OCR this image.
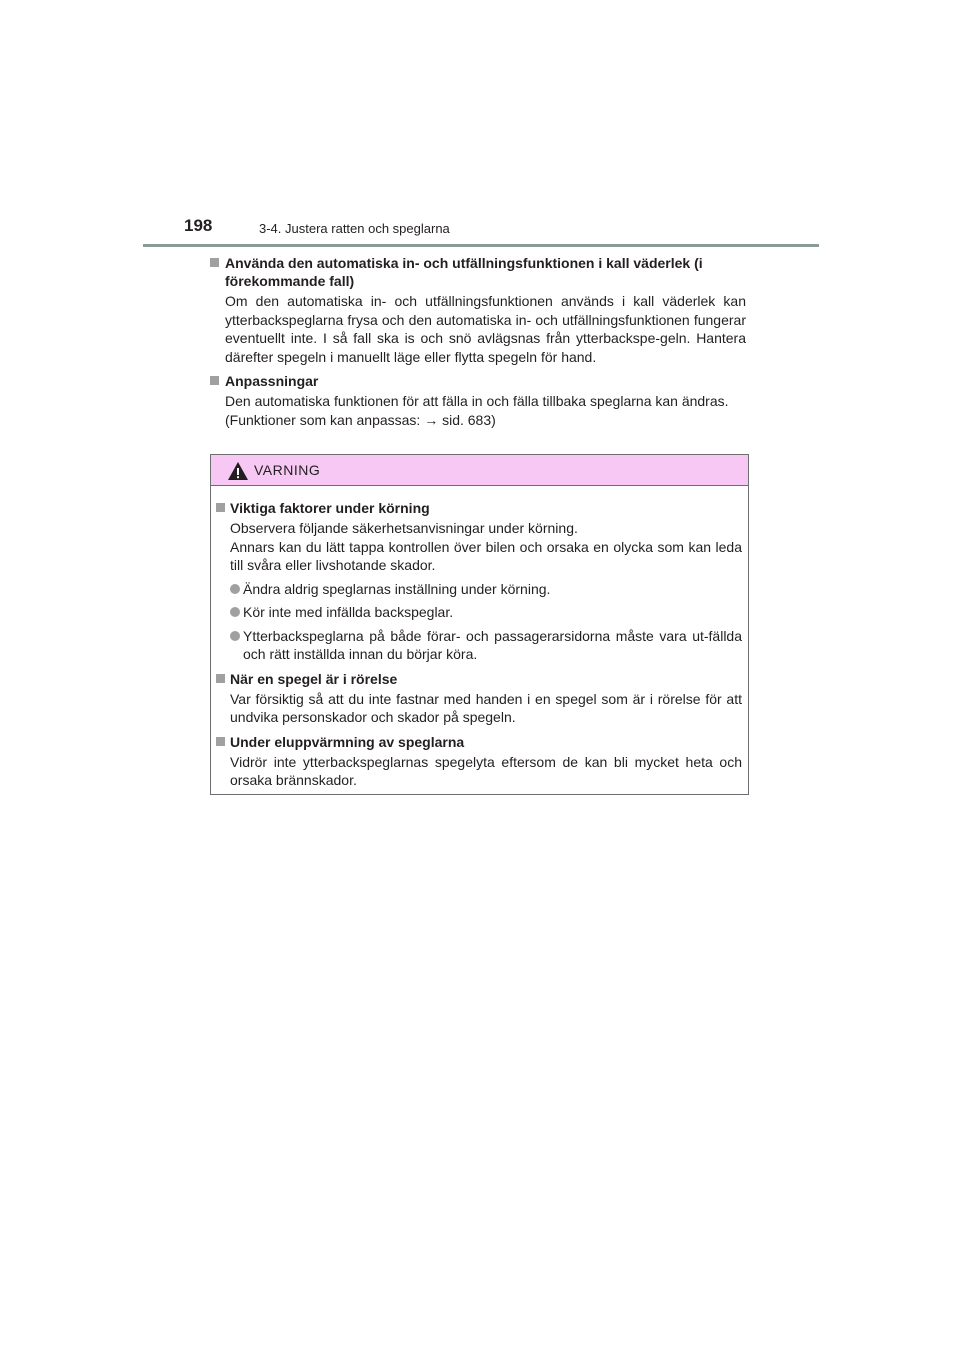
198	3-4. Justera ratten och speglarna

Använda den automatiska in- och utfällningsfunktionen i kall väderlek (i förekommande fall)

Om den automatiska in- och utfällningsfunktionen används i kall väderlek kan ytterbackspeglarna frysa och den automatiska in- och utfällningsfunktionen fungerar eventuellt inte. I så fall ska is och snö avlägsnas från ytterbackspe-geln. Hantera därefter spegeln i manuellt läge eller flytta spegeln för hand.

Anpassningar

Den automatiska funktionen för att fälla in och fälla tillbaka speglarna kan ändras.

(Funktioner som kan anpassas: → sid. 683)

VARNING

Viktiga faktorer under körning

Observera följande säkerhetsanvisningar under körning.

Annars kan du lätt tappa kontrollen över bilen och orsaka en olycka som kan leda till svåra eller livshotande skador.

Ändra aldrig speglarnas inställning under körning.
Kör inte med infällda backspeglar.
Ytterbackspeglarna på både förar- och passagerarsidorna måste vara ut-fällda och rätt inställda innan du börjar köra.

När en spegel är i rörelse

Var försiktig så att du inte fastnar med handen i en spegel som är i rörelse för att undvika personskador och skador på spegeln.

Under eluppvärmning av speglarna

Vidrör inte ytterbackspeglarnas spegelyta eftersom de kan bli mycket heta och orsaka brännskador.
